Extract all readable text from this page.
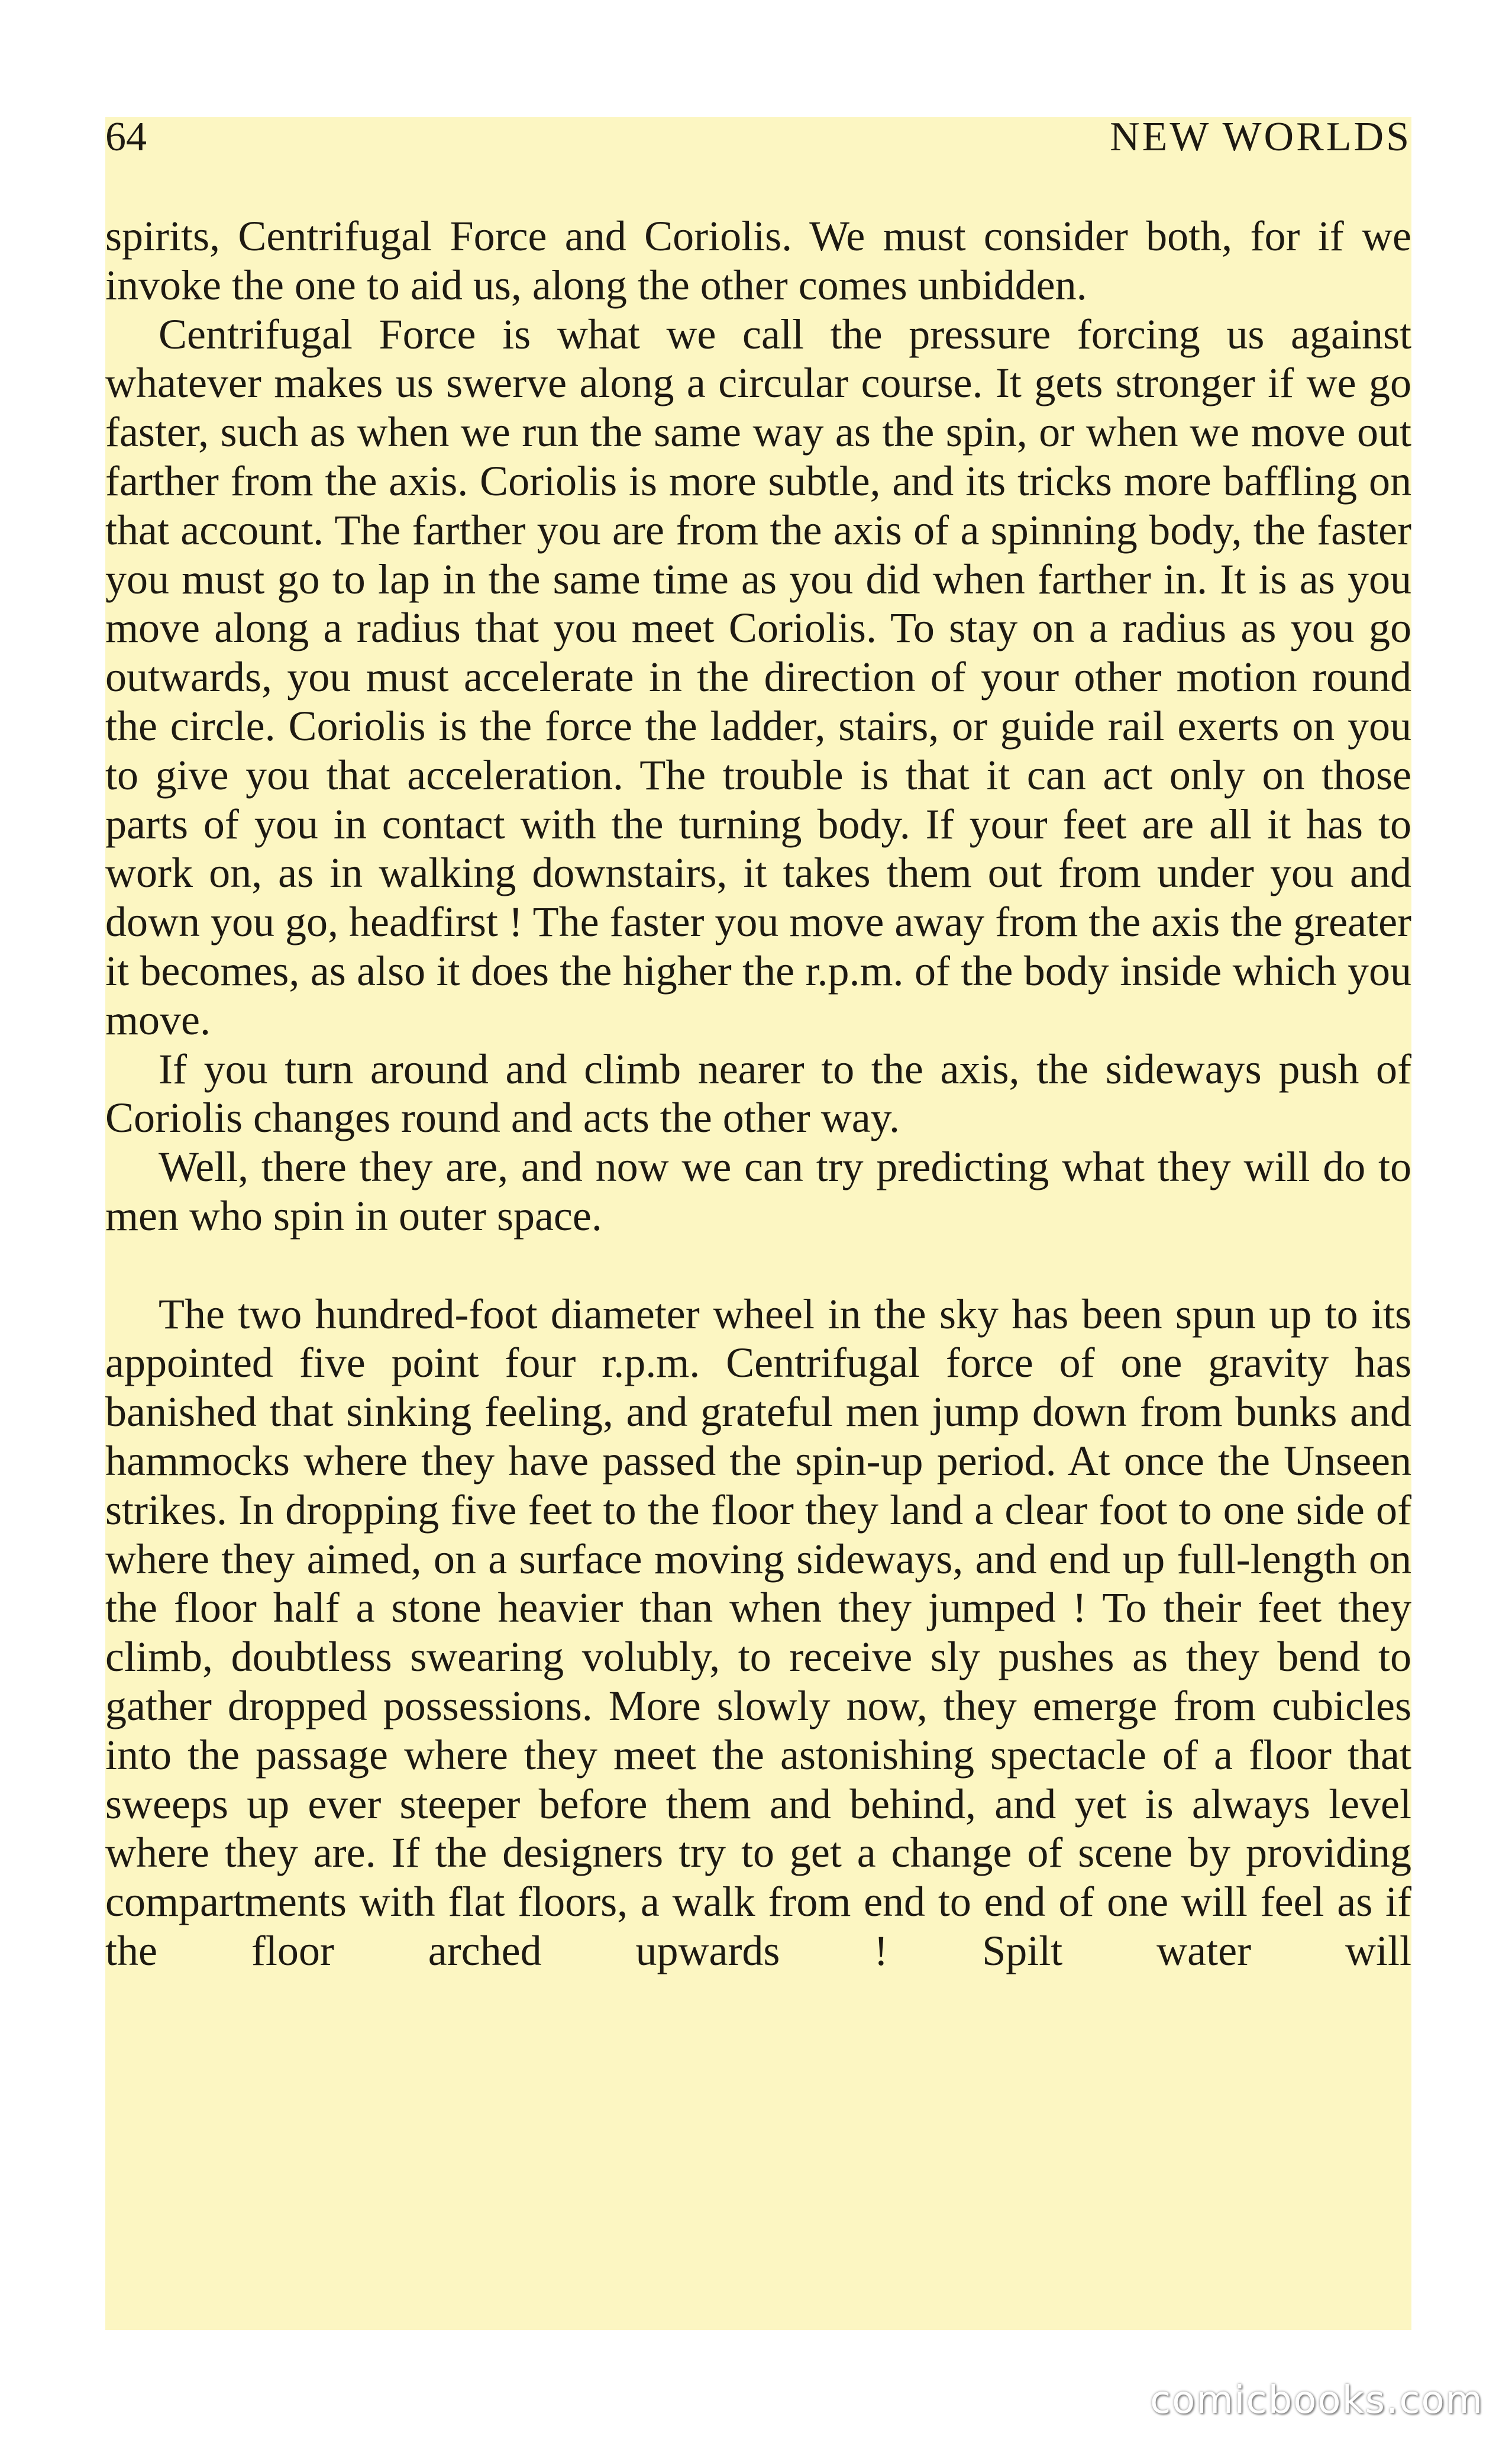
64	NEW WORLDS

spirits, Centrifugal Force and Coriolis. We must consider both, for if we invoke the one to aid us, along the other comes unbidden.

Centrifugal Force is what we call the pressure forcing us against whatever makes us swerve along a circular course. It gets stronger if we go faster, such as when we run the same way as the spin, or when we move out farther from the axis. Coriolis is more subtle, and its tricks more baffling on that account. The farther you are from the axis of a spinning body, the faster you must go to lap in the same time as you did when farther in. It is as you move along a radius that you meet Coriolis. To stay on a radius as you go outwards, you must accelerate in the direction of your other motion round the circle. Coriolis is the force the ladder, stairs, or guide rail exerts on you to give you that acceleration. The trouble is that it can act only on those parts of you in contact with the turning body. If your feet are all it has to work on, as in walking downstairs, it takes them out from under you and down you go, headfirst ! The faster you move away from the axis the greater it becomes, as also it does the higher the r.p.m. of the body inside which you move.

If you turn around and climb nearer to the axis, the sideways push of Coriolis changes round and acts the other way.

Well, there they are, and now we can try predicting what they will do to men who spin in outer space.

The two hundred-foot diameter wheel in the sky has been spun up to its appointed five point four r.p.m. Centrifugal force of one gravity has banished that sinking feeling, and grateful men jump down from bunks and hammocks where they have passed the spin-up period. At once the Unseen strikes. In dropping five feet to the floor they land a clear foot to one side of where they aimed, on a surface moving sideways, and end up full-length on the floor half a stone heavier than when they jumped ! To their feet they climb, doubtless swearing volubly, to receive sly pushes as they bend to gather dropped possessions. More slowly now, they emerge from cubicles into the passage where they meet the astonishing spectacle of a floor that sweeps up ever steeper before them and behind, and yet is always level where they are. If the designers try to get a change of scene by providing compartments with flat floors, a walk from end to end of one will feel as if the floor arched upwards ! Spilt water will

comicbooks.com
